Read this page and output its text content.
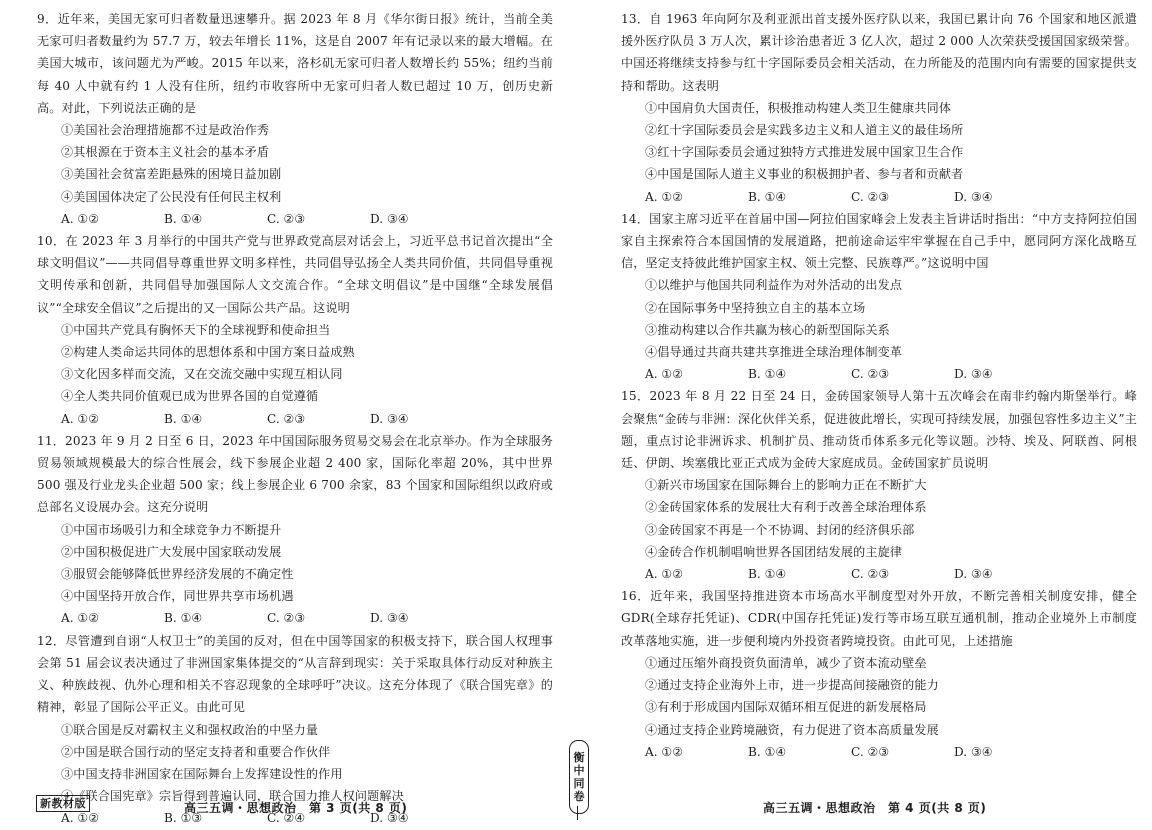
9．近年来，美国无家可归者数量迅速攀升。据 2023 年 8 月《华尔街日报》统计，当前全美无家可归者数量约为 57.7 万，较去年增长 11%，这是自 2007 年有记录以来的最大增幅。在美国大城市，该问题尤为严峻。2015 年以来，洛杉矶无家可归者人数增长约 55%；纽约当前每 40 人中就有约 1 人没有住所，纽约市收容所中无家可归者人数已超过 10 万，创历史新高。对此，下列说法正确的是
①美国社会治理措施都不过是政治作秀
②其根源在于资本主义社会的基本矛盾
③美国社会贫富差距悬殊的困境日益加剧
④美国国体决定了公民没有任何民主权利
A. ①②	B. ①④	C. ②③	D. ③④
10．在 2023 年 3 月举行的中国共产党与世界政党高层对话会上，习近平总书记首次提出“全球文明倡议”——共同倡导尊重世界文明多样性，共同倡导弘扬全人类共同价值，共同倡导重视文明传承和创新，共同倡导加强国际人文交流合作。“全球文明倡议”是中国继“全球发展倡议”“全球安全倡议”之后提出的又一国际公共产品。这说明
①中国共产党具有胸怀天下的全球视野和使命担当
②构建人类命运共同体的思想体系和中国方案日益成熟
③文化因多样而交流，又在交流交融中实现互相认同
④全人类共同价值观已成为世界各国的自觉遵循
A. ①②	B. ①④	C. ②③	D. ③④
11．2023 年 9 月 2 日至 6 日，2023 年中国国际服务贸易交易会在北京举办。作为全球服务贸易领域规模最大的综合性展会，线下参展企业超 2 400 家，国际化率超 20%，其中世界 500 强及行业龙头企业超 500 家；线上参展企业 6 700 余家，83 个国家和国际组织以政府或总部名义设展办会。这充分说明
①中国市场吸引力和全球竞争力不断提升
②中国积极促进广大发展中国家联动发展
③服贸会能够降低世界经济发展的不确定性
④中国坚持开放合作，同世界共享市场机遇
A. ①②	B. ①④	C. ②③	D. ③④
12．尽管遭到自诩“人权卫士”的美国的反对，但在中国等国家的积极支持下，联合国人权理事会第 51 届会议表决通过了非洲国家集体提交的“从言辞到现实：关于采取具体行动反对种族主义、种族歧视、仇外心理和相关不容忍现象的全球呼吁”决议。这充分体现了《联合国宪章》的精神，彰显了国际公平正义。由此可见
①联合国是反对霸权主义和强权政治的中坚力量
②中国是联合国行动的坚定支持者和重要合作伙伴
③中国支持非洲国家在国际舞台上发挥建设性的作用
④《联合国宪章》宗旨得到普遍认同，联合国力推人权问题解决
A. ①②	B. ①③	C. ②④	D. ③④
13．自 1963 年向阿尔及利亚派出首支援外医疗队以来，我国已累计向 76 个国家和地区派遣援外医疗队员 3 万人次，累计诊治患者近 3 亿人次，超过 2 000 人次荣获受援国国家级荣誉。中国还将继续支持参与红十字国际委员会相关活动，在力所能及的范围内向有需要的国家提供支持和帮助。这表明
①中国肩负大国责任，积极推动构建人类卫生健康共同体
②红十字国际委员会是实践多边主义和人道主义的最佳场所
③红十字国际委员会通过独特方式推进发展中国家卫生合作
④中国是国际人道主义事业的积极拥护者、参与者和贡献者
A. ①②	B. ①④	C. ②③	D. ③④
14．国家主席习近平在首届中国—阿拉伯国家峰会上发表主旨讲话时指出：“中方支持阿拉伯国家自主探索符合本国国情的发展道路，把前途命运牢牢掌握在自己手中，愿同阿方深化战略互信，坚定支持彼此维护国家主权、领土完整、民族尊严。”这说明中国
①以维护与他国共同利益作为对外活动的出发点
②在国际事务中坚持独立自主的基本立场
③推动构建以合作共赢为核心的新型国际关系
④倡导通过共商共建共享推进全球治理体制变革
A. ①②	B. ①④	C. ②③	D. ③④
15．2023 年 8 月 22 日至 24 日，金砖国家领导人第十五次峰会在南非约翰内斯堡举行。峰会聚焦“金砖与非洲：深化伙伴关系，促进彼此增长，实现可持续发展，加强包容性多边主义”主题，重点讨论非洲诉求、机制扩员、推动货币体系多元化等议题。沙特、埃及、阿联酋、阿根廷、伊朗、埃塞俄比亚正式成为金砖大家庭成员。金砖国家扩员说明
①新兴市场国家在国际舞台上的影响力正在不断扩大
②金砖国家体系的发展壮大有利于改善全球治理体系
③金砖国家不再是一个不协调、封闭的经济俱乐部
④金砖合作机制唱响世界各国团结发展的主旋律
A. ①②	B. ①④	C. ②③	D. ③④
16．近年来，我国坚持推进资本市场高水平制度型对外开放，不断完善相关制度安排，健全 GDR(全球存托凭证)、CDR(中国存托凭证)发行等市场互联互通机制，推动企业境外上市制度改革落地实施，进一步便利境内外投资者跨境投资。由此可见，上述措施
①通过压缩外商投资负面清单，减少了资本流动壁垒
②通过支持企业海外上市，进一步提高间接融资的能力
③有利于形成国内国际双循环相互促进的新发展格局
④通过支持企业跨境融资，有力促进了资本高质量发展
A. ①②	B. ①④	C. ②③	D. ③④
新教材版	高三五调・思想政治　第 3 页(共 8 页)	高三五调・思想政治　第 4 页(共 8 页)
衡
中
同
卷
